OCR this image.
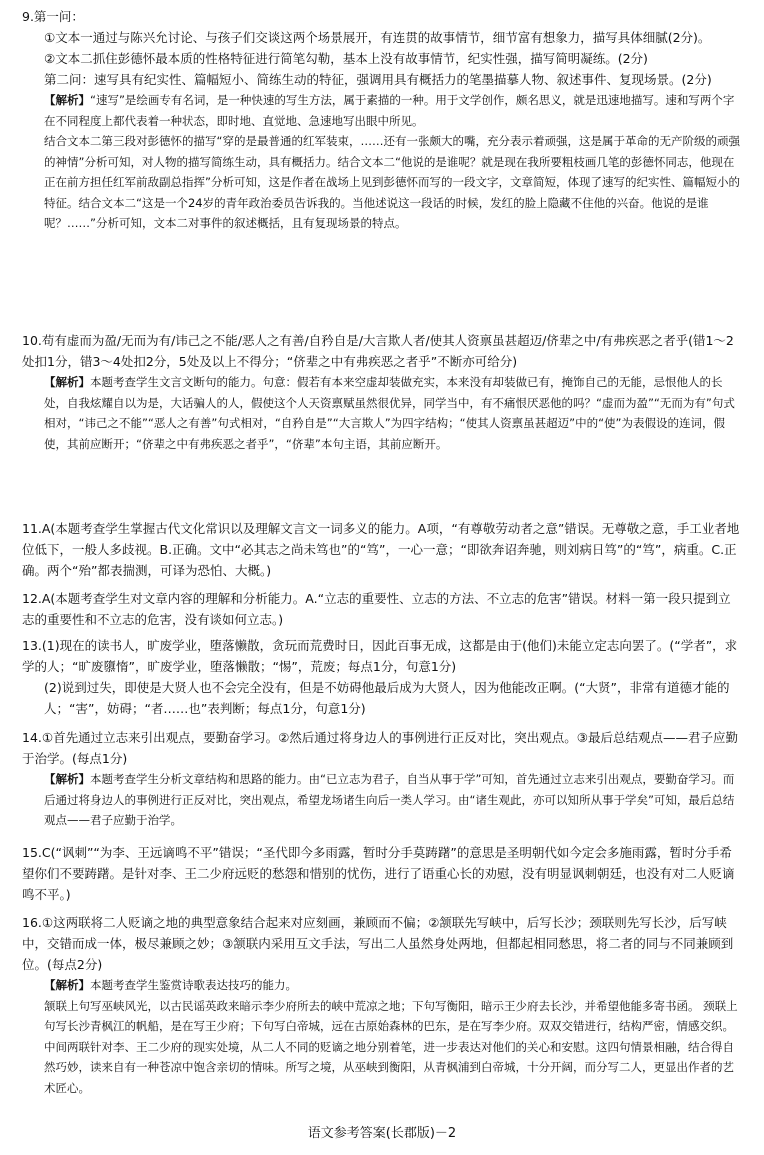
9.第一问：

①文本一通过与陈兴允讨论、与孩子们交谈这两个场景展开，有连贯的故事情节，细节富有想象力，描写具体细腻(2分)。

②文本二抓住彭德怀最本质的性格特征进行简笔勾勒，基本上没有故事情节，纪实性强，描写简明凝练。(2分)

第二问：速写具有纪实性、篇幅短小、简练生动的特征，强调用具有概括力的笔墨描摹人物、叙述事件、复现场景。(2分)

【解析】“速写”是绘画专有名词，是一种快速的写生方法，属于素描的一种。用于文学创作，颇名思义，就是迅速地描写。速和写两个字在不同程度上都代表着一种状态，即时地、直觉地、急速地写出眼中所见。

结合文本二第三段对彭德怀的描写“穿的是最普通的红军装束，……还有一张颇大的嘴，充分表示着顽强，这是属于革命的无产阶级的顽强的神情”分析可知，对人物的描写简练生动，具有概括力。结合文本二“他说的是谁呢？就是现在我所要粗枝画几笔的彭德怀同志，他现在正在前方担任红军前敌副总指挥”分析可知，这是作者在战场上见到彭德怀而写的一段文字，文章简短，体现了速写的纪实性、篇幅短小的特征。结合文本二“这是一个24岁的青年政治委员告诉我的。当他述说这一段话的时候，发红的脸上隐藏不住他的兴奋。他说的是谁呢？……”分析可知，文本二对事件的叙述概括，且有复现场景的特点。

10.苟有虚而为盈/无而为有/讳己之不能/恶人之有善/自矜自是/大言欺人者/使其人资禀虽甚超迈/侪辈之中/有弗疾恶之者乎(错1～2处扣1分，错3～4处扣2分，5处及以上不得分；“侪辈之中有弗疾恶之者乎”不断亦可给分)

【解析】本题考查学生文言文断句的能力。句意：假若有本来空虚却装做充实，本来没有却装做已有，掩饰自己的无能，忌恨他人的长处，自我炫耀自以为是，大话骗人的人，假使这个人天资禀赋虽然很优异，同学当中，有不痛恨厌恶他的吗？“虚而为盈”“无而为有”句式相对，“讳己之不能”“恶人之有善”句式相对，“自矜自是”“大言欺人”为四字结构；“使其人资禀虽甚超迈”中的“使”为表假设的连词，假使，其前应断开；“侪辈之中有弗疾恶之者乎”，“侪辈”本句主语，其前应断开。

11.A(本题考查学生掌握古代文化常识以及理解文言文一词多义的能力。A项，“有尊敬劳动者之意”错误。无尊敬之意，手工业者地位低下，一般人多歧视。B.正确。文中“必其志之尚未笃也”的“笃”，一心一意；“即欲奔诏奔驰，则刘病日笃”的“笃”，病重。C.正确。两个“殆”都表揣测，可译为恐怕、大概。)

12.A(本题考查学生对文章内容的理解和分析能力。A.“立志的重要性、立志的方法、不立志的危害”错误。材料一第一段只提到立志的重要性和不立志的危害，没有谈如何立志。)

13.(1)现在的读书人，旷废学业，堕落懒散，贪玩而荒费时日，因此百事无成，这都是由于(他们)未能立定志向罢了。(“学者”，求学的人；“旷废隳惰”，旷废学业，堕落懒散；“惕”，荒废；每点1分，句意1分)

(2)说到过失，即使是大贤人也不会完全没有，但是不妨碍他最后成为大贤人，因为他能改正啊。(“大贤”，非常有道德才能的人；“害”，妨碍；“者……也”表判断；每点1分，句意1分)

14.①首先通过立志来引出观点，要勤奋学习。②然后通过将身边人的事例进行正反对比，突出观点。③最后总结观点——君子应勤于治学。(每点1分)

【解析】本题考查学生分析文章结构和思路的能力。由“已立志为君子，自当从事于学”可知，首先通过立志来引出观点，要勤奋学习。而后通过将身边人的事例进行正反对比，突出观点，希望龙场诸生向后一类人学习。由“诸生观此，亦可以知所从事于学矣”可知，最后总结观点——君子应勤于治学。

15.C(“讽刺”“为李、王远谪鸣不平”错误；“圣代即今多雨露，暂时分手莫踌躇”的意思是圣明朝代如今定会多施雨露，暂时分手希望你们不要踌躇。是针对李、王二少府远贬的愁怨和惜别的忧伤，进行了语重心长的劝慰，没有明显讽刺朝廷，也没有对二人贬谪鸣不平。)

16.①这两联将二人贬谪之地的典型意象结合起来对应刻画，兼顾而不偏；②颔联先写峡中，后写长沙；颈联则先写长沙，后写峡中，交错而成一体，极尽兼顾之妙；③颔联内采用互文手法，写出二人虽然身处两地，但都起相同愁思，将二者的同与不同兼顾到位。(每点2分)

【解析】本题考查学生鉴赏诗歌表达技巧的能力。

颔联上句写巫峡风光，以古民谣英政来暗示李少府所去的峡中荒凉之地；下句写衡阳，暗示王少府去长沙，并希望他能多寄书函。 颈联上句写长沙青枫江的帆船，是在写王少府；下句写白帝城，远在古原始森林的巴东，是在写李少府。双双交错进行，结构严密，情感交织。

中间两联针对李、王二少府的现实处境，从二人不同的贬谪之地分别着笔，进一步表达对他们的关心和安慰。这四句情景相融，结合得自然巧妙，读来自有一种苍凉中饱含亲切的情味。所写之境，从巫峡到衡阳，从青枫浦到白帝城，十分开阔，而分写二人，更显出作者的艺术匠心。

语文参考答案(长郡版)－2
